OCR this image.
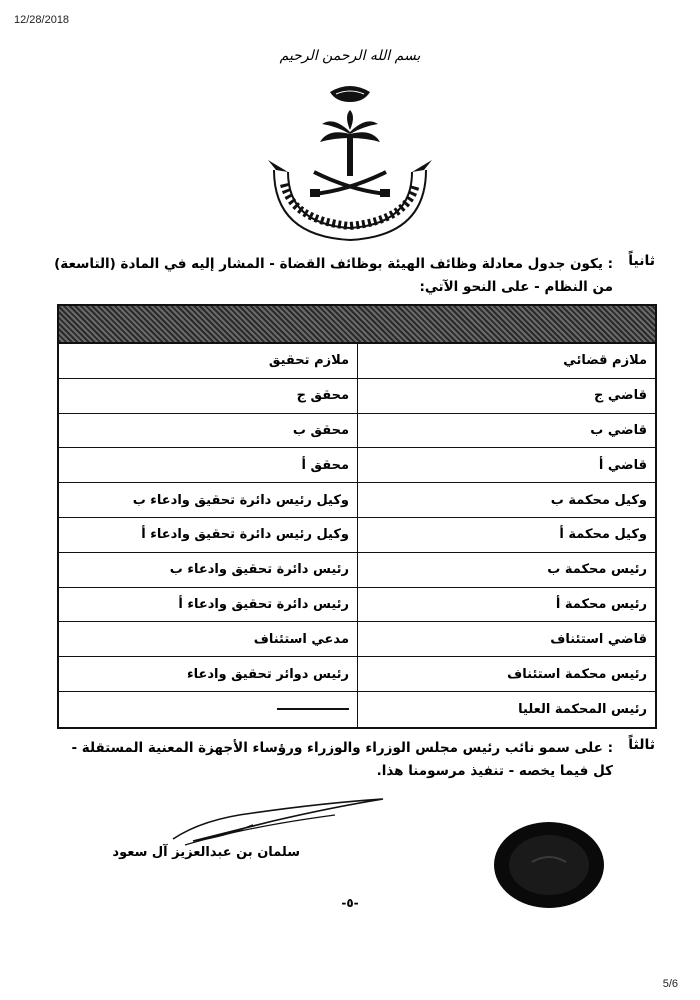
12/28/2018
بسم الله الرحمن الرحيم
ثانياً
: يكون جدول معادلة وظائف الهيئة بوظائف القضاة - المشار إليه في المادة (التاسعة) من النظام - على النحو الآتي:
ملازم قضائي
ملازم تحقيق
قاضي ج
محقق ج
قاضي ب
محقق ب
قاضي أ
محقق أ
وكيل محكمة ب
وكيل رئيس دائرة تحقيق وادعاء ب
وكيل محكمة أ
وكيل رئيس دائرة تحقيق وادعاء أ
رئيس محكمة ب
رئيس دائرة تحقيق وادعاء ب
رئيس محكمة أ
رئيس دائرة تحقيق وادعاء أ
قاضي استئناف
مدعي استئناف
رئيس محكمة استئناف
رئيس دوائر تحقيق وادعاء
رئيس المحكمة العليا
ثالثاً
: على سمو نائب رئيس مجلس الوزراء والوزراء ورؤساء الأجهزة المعنية المستقلة - كل فيما يخصه - تنفيذ مرسومنا هذا.
سلمان بن عبدالعزيز آل سعود
-٥-
5/6
